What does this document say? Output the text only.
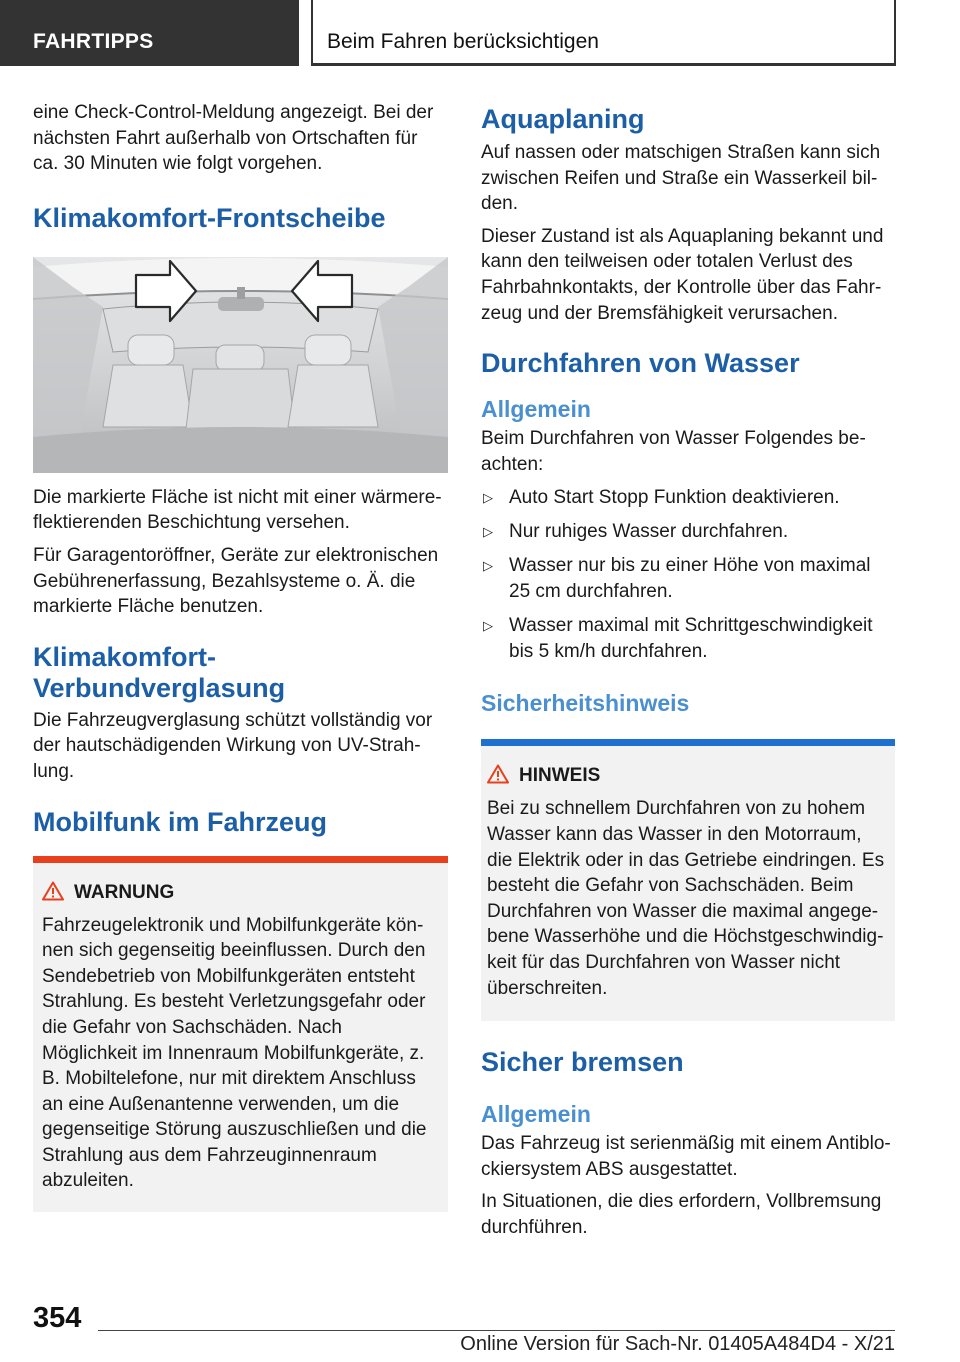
FAHRTIPPS	Beim Fahren berücksichtigen

eine Check-Control-Meldung angezeigt. Bei der nächsten Fahrt außerhalb von Ortschaften für ca. 30 Minuten wie folgt vorgehen.

Klimakomfort-Frontscheibe

Die markierte Fläche ist nicht mit einer wärmereflektierenden Beschichtung versehen.

Für Garagentoröffner, Geräte zur elektronischen Gebührenerfassung, Bezahlsysteme o. Ä. die markierte Fläche benutzen.

Klimakomfort-Verbundverglasung

Die Fahrzeugverglasung schützt vollständig vor der hautschädigenden Wirkung von UV-Strahlung.

Mobilfunk im Fahrzeug
WARNUNG
Fahrzeugelektronik und Mobilfunkgeräte können sich gegenseitig beeinflussen. Durch den Sendebetrieb von Mobilfunkgeräten entsteht Strahlung. Es besteht Verletzungsgefahr oder die Gefahr von Sachschäden. Nach Möglichkeit im Innenraum Mobilfunkgeräte, z. B. Mobiltelefone, nur mit direktem Anschluss an eine Außenantenne verwenden, um die gegenseitige Störung auszuschließen und die Strahlung aus dem Fahrzeuginnenraum abzuleiten.
Aquaplaning

Auf nassen oder matschigen Straßen kann sich zwischen Reifen und Straße ein Wasserkeil bilden.

Dieser Zustand ist als Aquaplaning bekannt und kann den teilweisen oder totalen Verlust des Fahrbahnkontakts, der Kontrolle über das Fahrzeug und der Bremsfähigkeit verursachen.

Durchfahren von Wasser
Allgemein

Beim Durchfahren von Wasser Folgendes beachten:

▷ Auto Start Stopp Funktion deaktivieren.
▷ Nur ruhiges Wasser durchfahren.
▷ Wasser nur bis zu einer Höhe von maximal 25 cm durchfahren.
▷ Wasser maximal mit Schrittgeschwindigkeit bis 5 km/h durchfahren.
Sicherheitshinweis
HINWEIS
Bei zu schnellem Durchfahren von zu hohem Wasser kann das Wasser in den Motorraum, die Elektrik oder in das Getriebe eindringen. Es besteht die Gefahr von Sachschäden. Beim Durchfahren von Wasser die maximal angegebene Wasserhöhe und die Höchstgeschwindigkeit für das Durchfahren von Wasser nicht überschreiten.
Sicher bremsen
Allgemein

Das Fahrzeug ist serienmäßig mit einem Antiblockiersystem ABS ausgestattet.

In Situationen, die dies erfordern, Vollbremsung durchführen.

354
Online Version für Sach-Nr. 01405A484D4 - X/21
